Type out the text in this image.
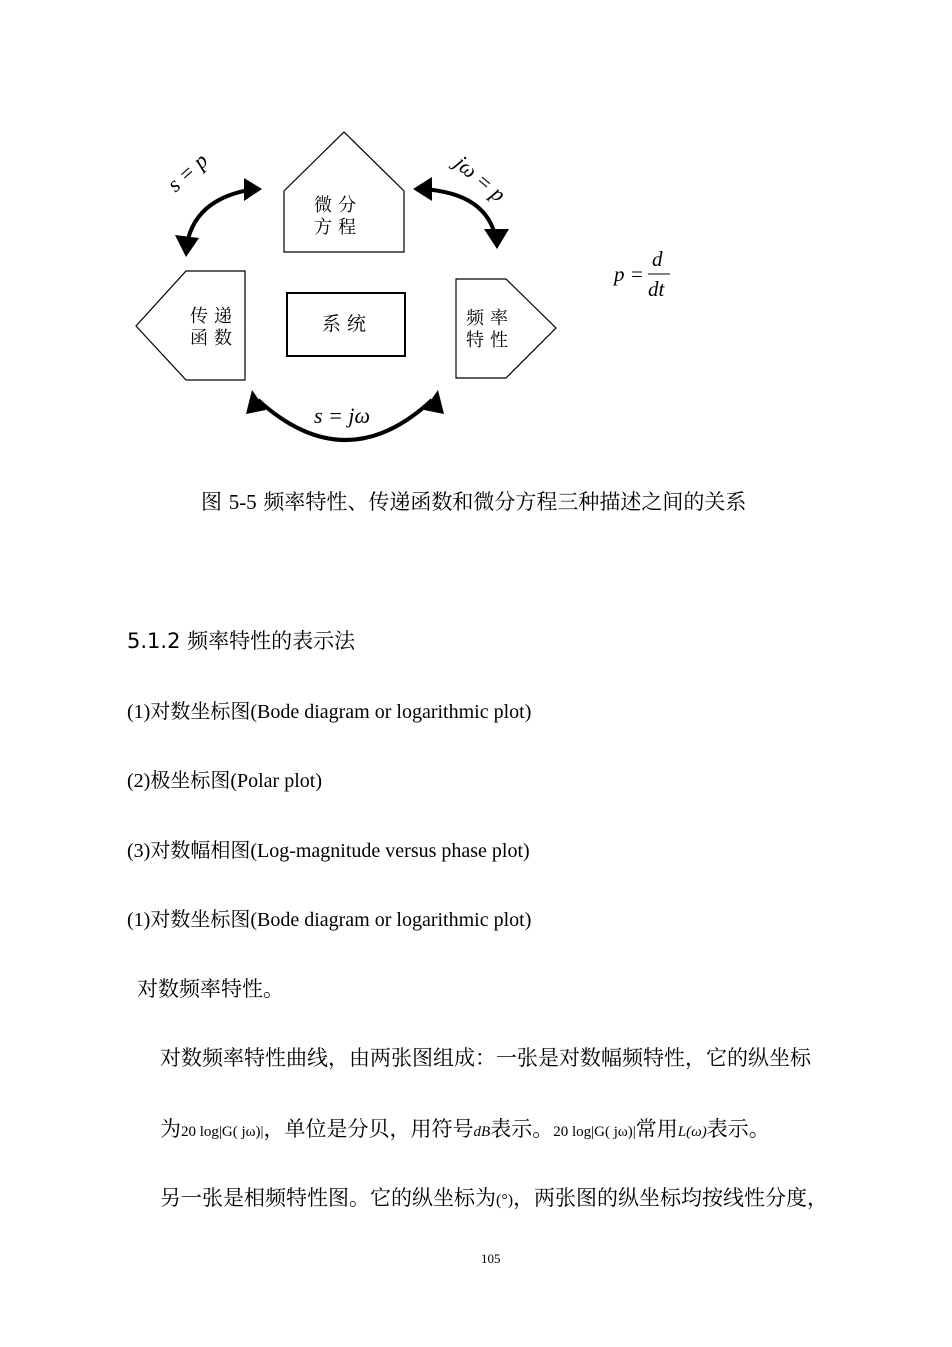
微分
方程
传递
函数
频率
特性
系统
s = p	jω = p
s = jω
p =
d
dt
图 5-5 频率特性、传递函数和微分方程三种描述之间的关系
5.1.2 频率特性的表示法
(1)对数坐标图(Bode diagram or logarithmic plot)
(2)极坐标图(Polar plot)
(3)对数幅相图(Log-magnitude versus phase plot)
(1)对数坐标图(Bode diagram or logarithmic plot)
对数频率特性。
对数频率特性曲线，由两张图组成：一张是对数幅频特性，它的纵坐标
为20 log|G( jω)|，单位是分贝，用符号dB表示。20 log|G( jω)|常用L(ω)表示。
另一张是相频特性图。它的纵坐标为(°)，两张图的纵坐标均按线性分度，
105
